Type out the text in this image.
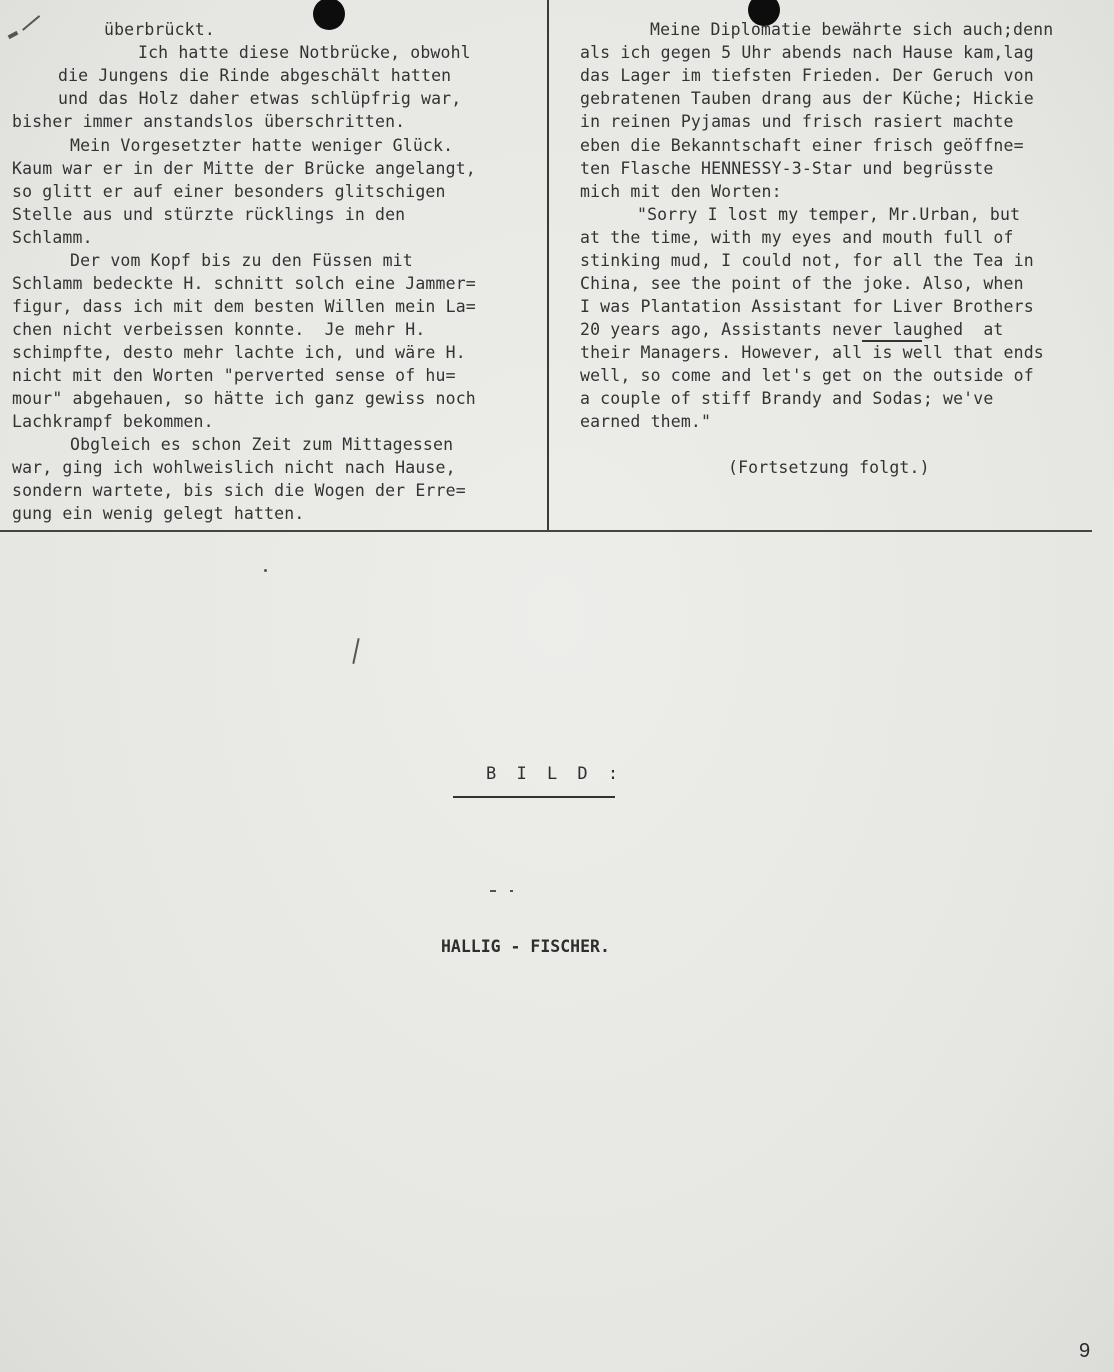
überbrückt.
Ich hatte diese Notbrücke, obwohl
die Jungens die Rinde abgeschält hatten
und das Holz daher etwas schlüpfrig war,
bisher immer anstandslos überschritten.
Mein Vorgesetzter hatte weniger Glück.
Kaum war er in der Mitte der Brücke angelangt,
so glitt er auf einer besonders glitschigen
Stelle aus und stürzte rücklings in den
Schlamm.
Der vom Kopf bis zu den Füssen mit
Schlamm bedeckte H. schnitt solch eine Jammer=
figur, dass ich mit dem besten Willen mein La=
chen nicht verbeissen konnte.  Je mehr H.
schimpfte, desto mehr lachte ich, und wäre H.
nicht mit den Worten "perverted sense of hu=
mour" abgehauen, so hätte ich ganz gewiss noch
Lachkrampf bekommen.
Obgleich es schon Zeit zum Mittagessen
war, ging ich wohlweislich nicht nach Hause,
sondern wartete, bis sich die Wogen der Erre=
gung ein wenig gelegt hatten.
Meine Diplomatie bewährte sich auch;denn
als ich gegen 5 Uhr abends nach Hause kam,lag
das Lager im tiefsten Frieden. Der Geruch von
gebratenen Tauben drang aus der Küche; Hickie
in reinen Pyjamas und frisch rasiert machte
eben die Bekanntschaft einer frisch geöffne=
ten Flasche HENNESSY-3-Star und begrüsste
mich mit den Worten:
"Sorry I lost my temper, Mr.Urban, but
at the time, with my eyes and mouth full of
stinking mud, I could not, for all the Tea in
China, see the point of the joke. Also, when
I was Plantation Assistant for Liver Brothers
20 years ago, Assistants never laughed  at
their Managers. However, all is well that ends
well, so come and let's get on the outside of
a couple of stiff Brandy and Sodas; we've
earned them."
(Fortsetzung folgt.)
B I L D :
HALLIG - FISCHER.
9
